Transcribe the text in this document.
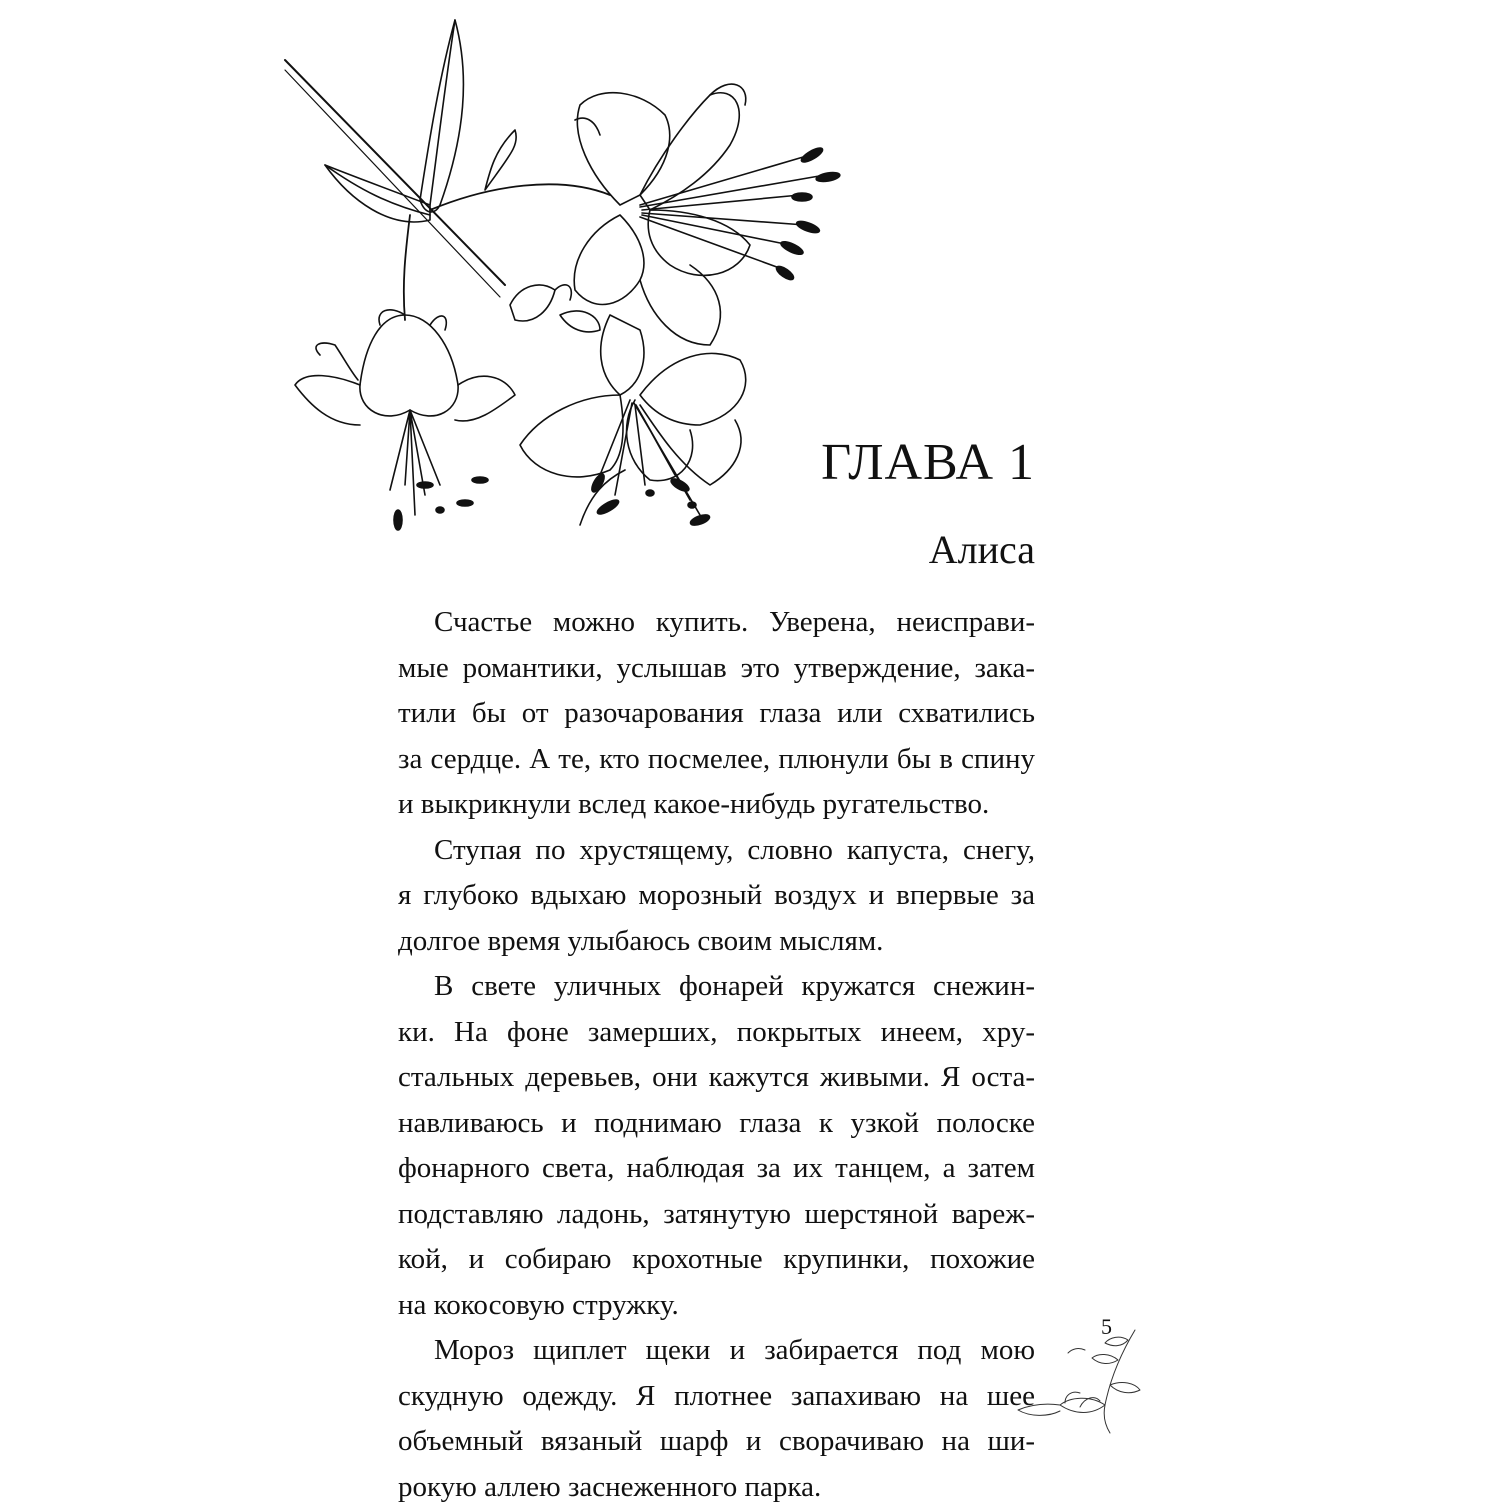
ГЛАВА 1
Алиса

Счастье можно купить. Уверена, неисправи-
мые романтики, услышав это утверждение, зака-
тили бы от разочарования глаза или схватились
за сердце. А те, кто посмелее, плюнули бы в спину
и выкрикнули вслед какое-нибудь ругательство.

Ступая по хрустящему, словно капуста, снегу,
я глубоко вдыхаю морозный воздух и впервые за
долгое время улыбаюсь своим мыслям.

В свете уличных фонарей кружатся снежин-
ки. На фоне замерших, покрытых инеем, хру-
стальных деревьев, они кажутся живыми. Я оста-
навливаюсь и поднимаю глаза к узкой полоске
фонарного света, наблюдая за их танцем, а затем
подставляю ладонь, затянутую шерстяной вареж-
кой, и собираю крохотные крупинки, похожие
на кокосовую стружку.

Мороз щиплет щеки и забирается под мою
скудную одежду. Я плотнее запахиваю на шее
объемный вязаный шарф и сворачиваю на ши-
рокую аллею заснеженного парка.

5
